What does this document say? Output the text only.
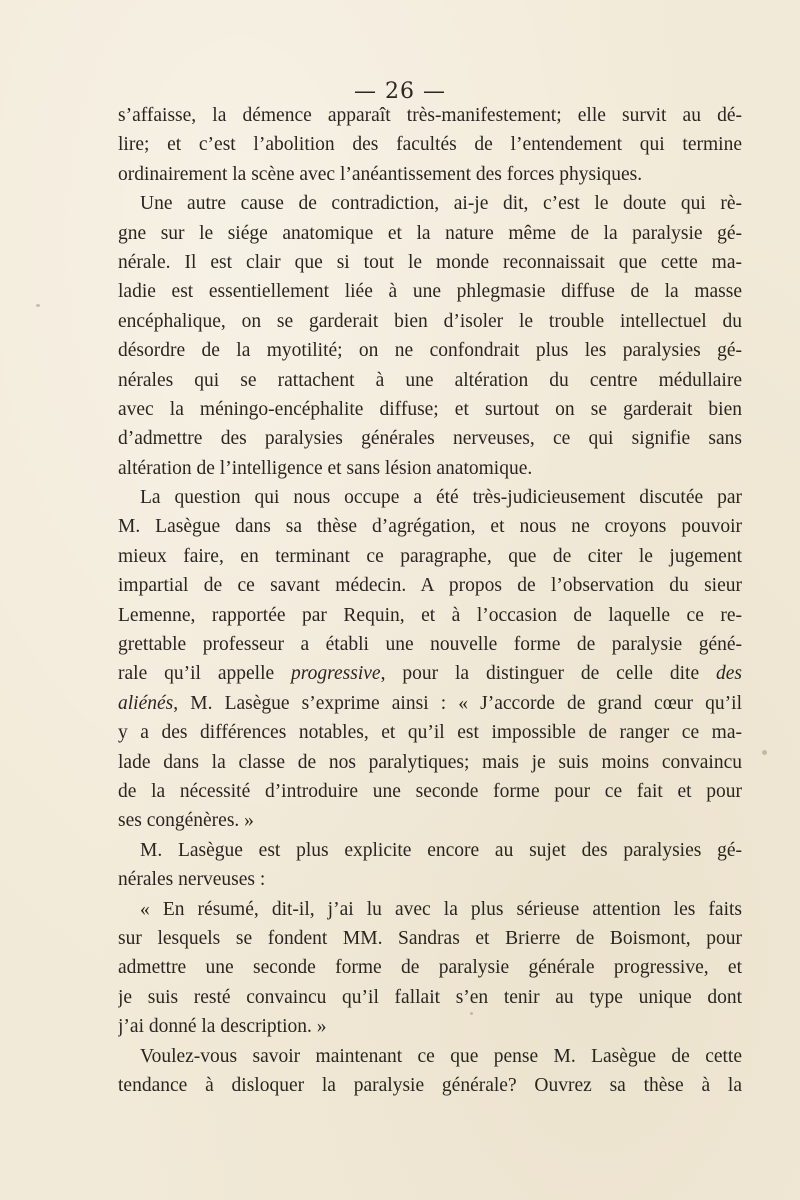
— 26 —
s’affaisse, la démence apparaît très-manifestement; elle survit au dé-
lire; et c’est l’abolition des facultés de l’entendement qui termine
ordinairement la scène avec l’anéantissement des forces physiques.
Une autre cause de contradiction, ai-je dit, c’est le doute qui rè-
gne sur le siége anatomique et la nature même de la paralysie gé-
nérale. Il est clair que si tout le monde reconnaissait que cette ma-
ladie est essentiellement liée à une phlegmasie diffuse de la masse
encéphalique, on se garderait bien d’isoler le trouble intellectuel du
désordre de la myotilité; on ne confondrait plus les paralysies gé-
nérales qui se rattachent à une altération du centre médullaire
avec la méningo-encéphalite diffuse; et surtout on se garderait bien
d’admettre des paralysies générales nerveuses, ce qui signifie sans
altération de l’intelligence et sans lésion anatomique.
La question qui nous occupe a été très-judicieusement discutée par
M. Lasègue dans sa thèse d’agrégation, et nous ne croyons pouvoir
mieux faire, en terminant ce paragraphe, que de citer le jugement
impartial de ce savant médecin. A propos de l’observation du sieur
Lemenne, rapportée par Requin, et à l’occasion de laquelle ce re-
grettable professeur a établi une nouvelle forme de paralysie géné-
rale qu’il appelle progressive, pour la distinguer de celle dite des
aliénés, M. Lasègue s’exprime ainsi : « J’accorde de grand cœur qu’il
y a des différences notables, et qu’il est impossible de ranger ce ma-
lade dans la classe de nos paralytiques; mais je suis moins convaincu
de la nécessité d’introduire une seconde forme pour ce fait et pour
ses congénères. »
M. Lasègue est plus explicite encore au sujet des paralysies gé-
nérales nerveuses :
« En résumé, dit-il, j’ai lu avec la plus sérieuse attention les faits
sur lesquels se fondent MM. Sandras et Brierre de Boismont, pour
admettre une seconde forme de paralysie générale progressive, et
je suis resté convaincu qu’il fallait s’en tenir au type unique dont
j’ai donné la description. »
Voulez-vous savoir maintenant ce que pense M. Lasègue de cette
tendance à disloquer la paralysie générale? Ouvrez sa thèse à la
